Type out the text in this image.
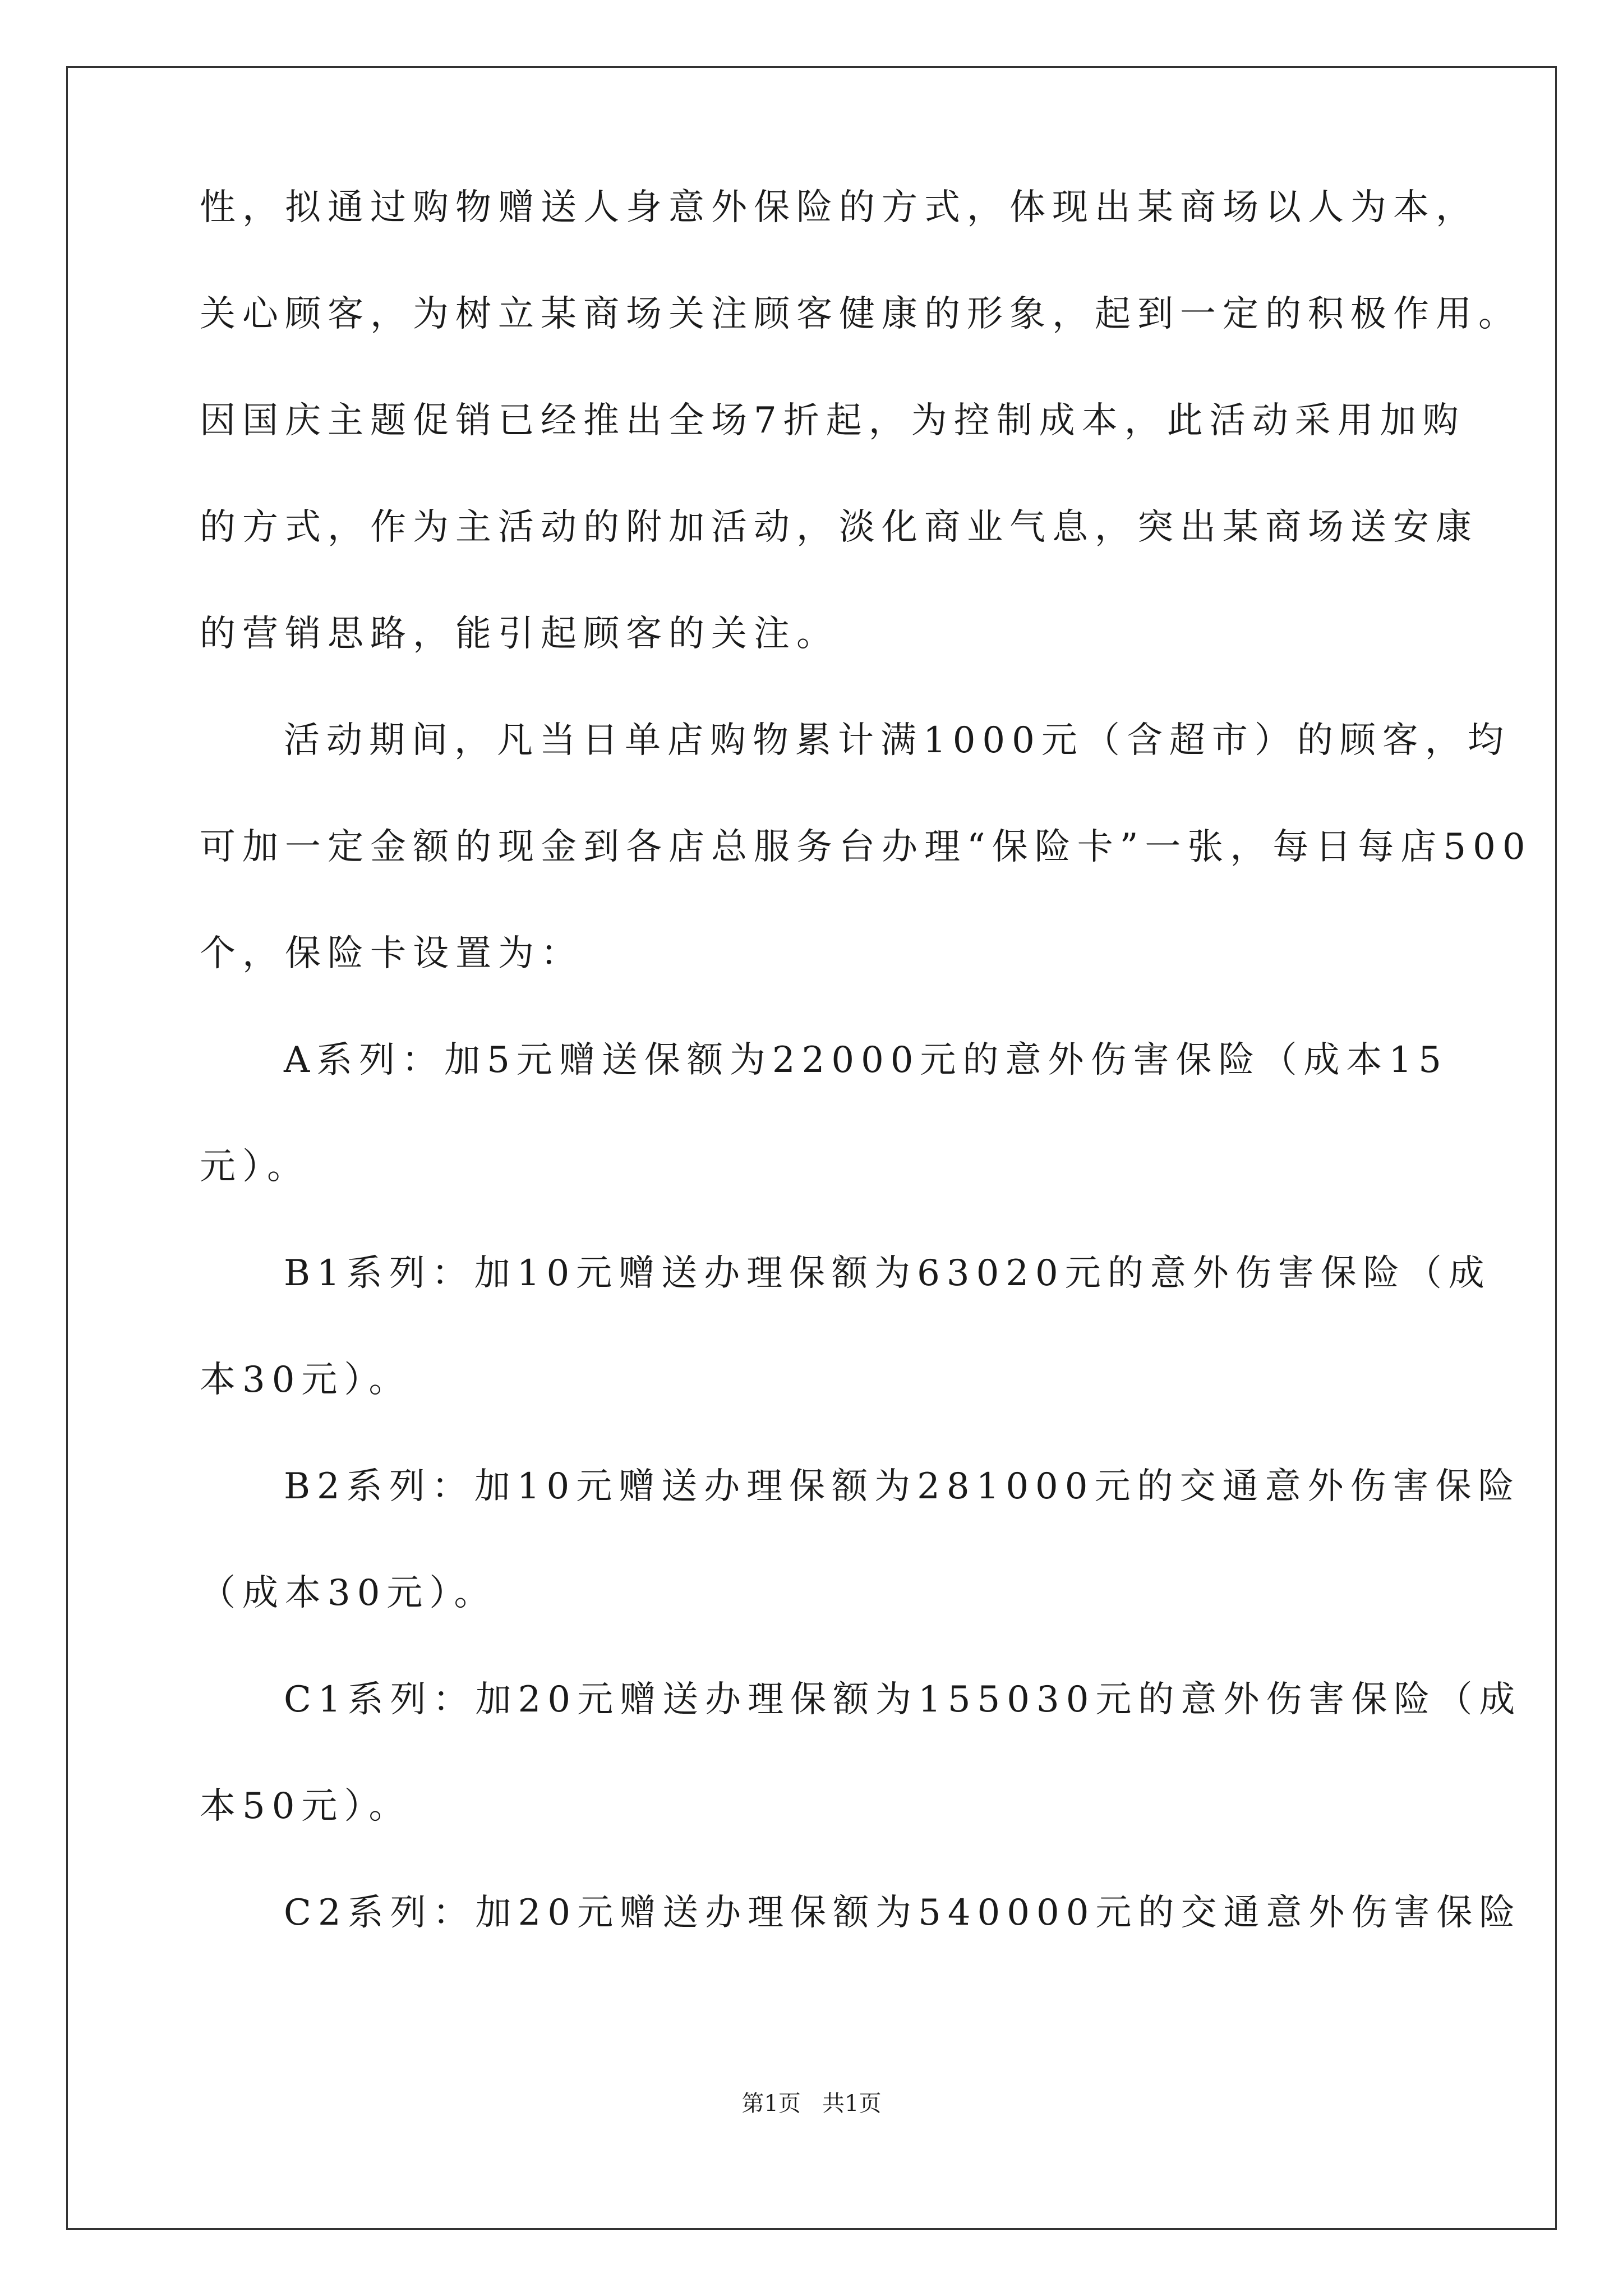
性，拟通过购物赠送人身意外保险的方式，体现出某商场以人为本，
关心顾客，为树立某商场关注顾客健康的形象，起到一定的积极作用。
因国庆主题促销已经推出全场7折起，为控制成本，此活动采用加购
的方式，作为主活动的附加活动，淡化商业气息，突出某商场送安康
的营销思路，能引起顾客的关注。
活动期间，凡当日单店购物累计满1000元（含超市）的顾客，均
可加一定金额的现金到各店总服务台办理“保险卡”一张，每日每店500
个，保险卡设置为：
A系列：加5元赠送保额为22000元的意外伤害保险（成本15
元）。
B1系列：加10元赠送办理保额为63020元的意外伤害保险（成
本30元）。
B2系列：加10元赠送办理保额为281000元的交通意外伤害保险
（成本30元）。
C1系列：加20元赠送办理保额为155030元的意外伤害保险（成
本50元）。
C2系列：加20元赠送办理保额为540000元的交通意外伤害保险
第1页   共1页
